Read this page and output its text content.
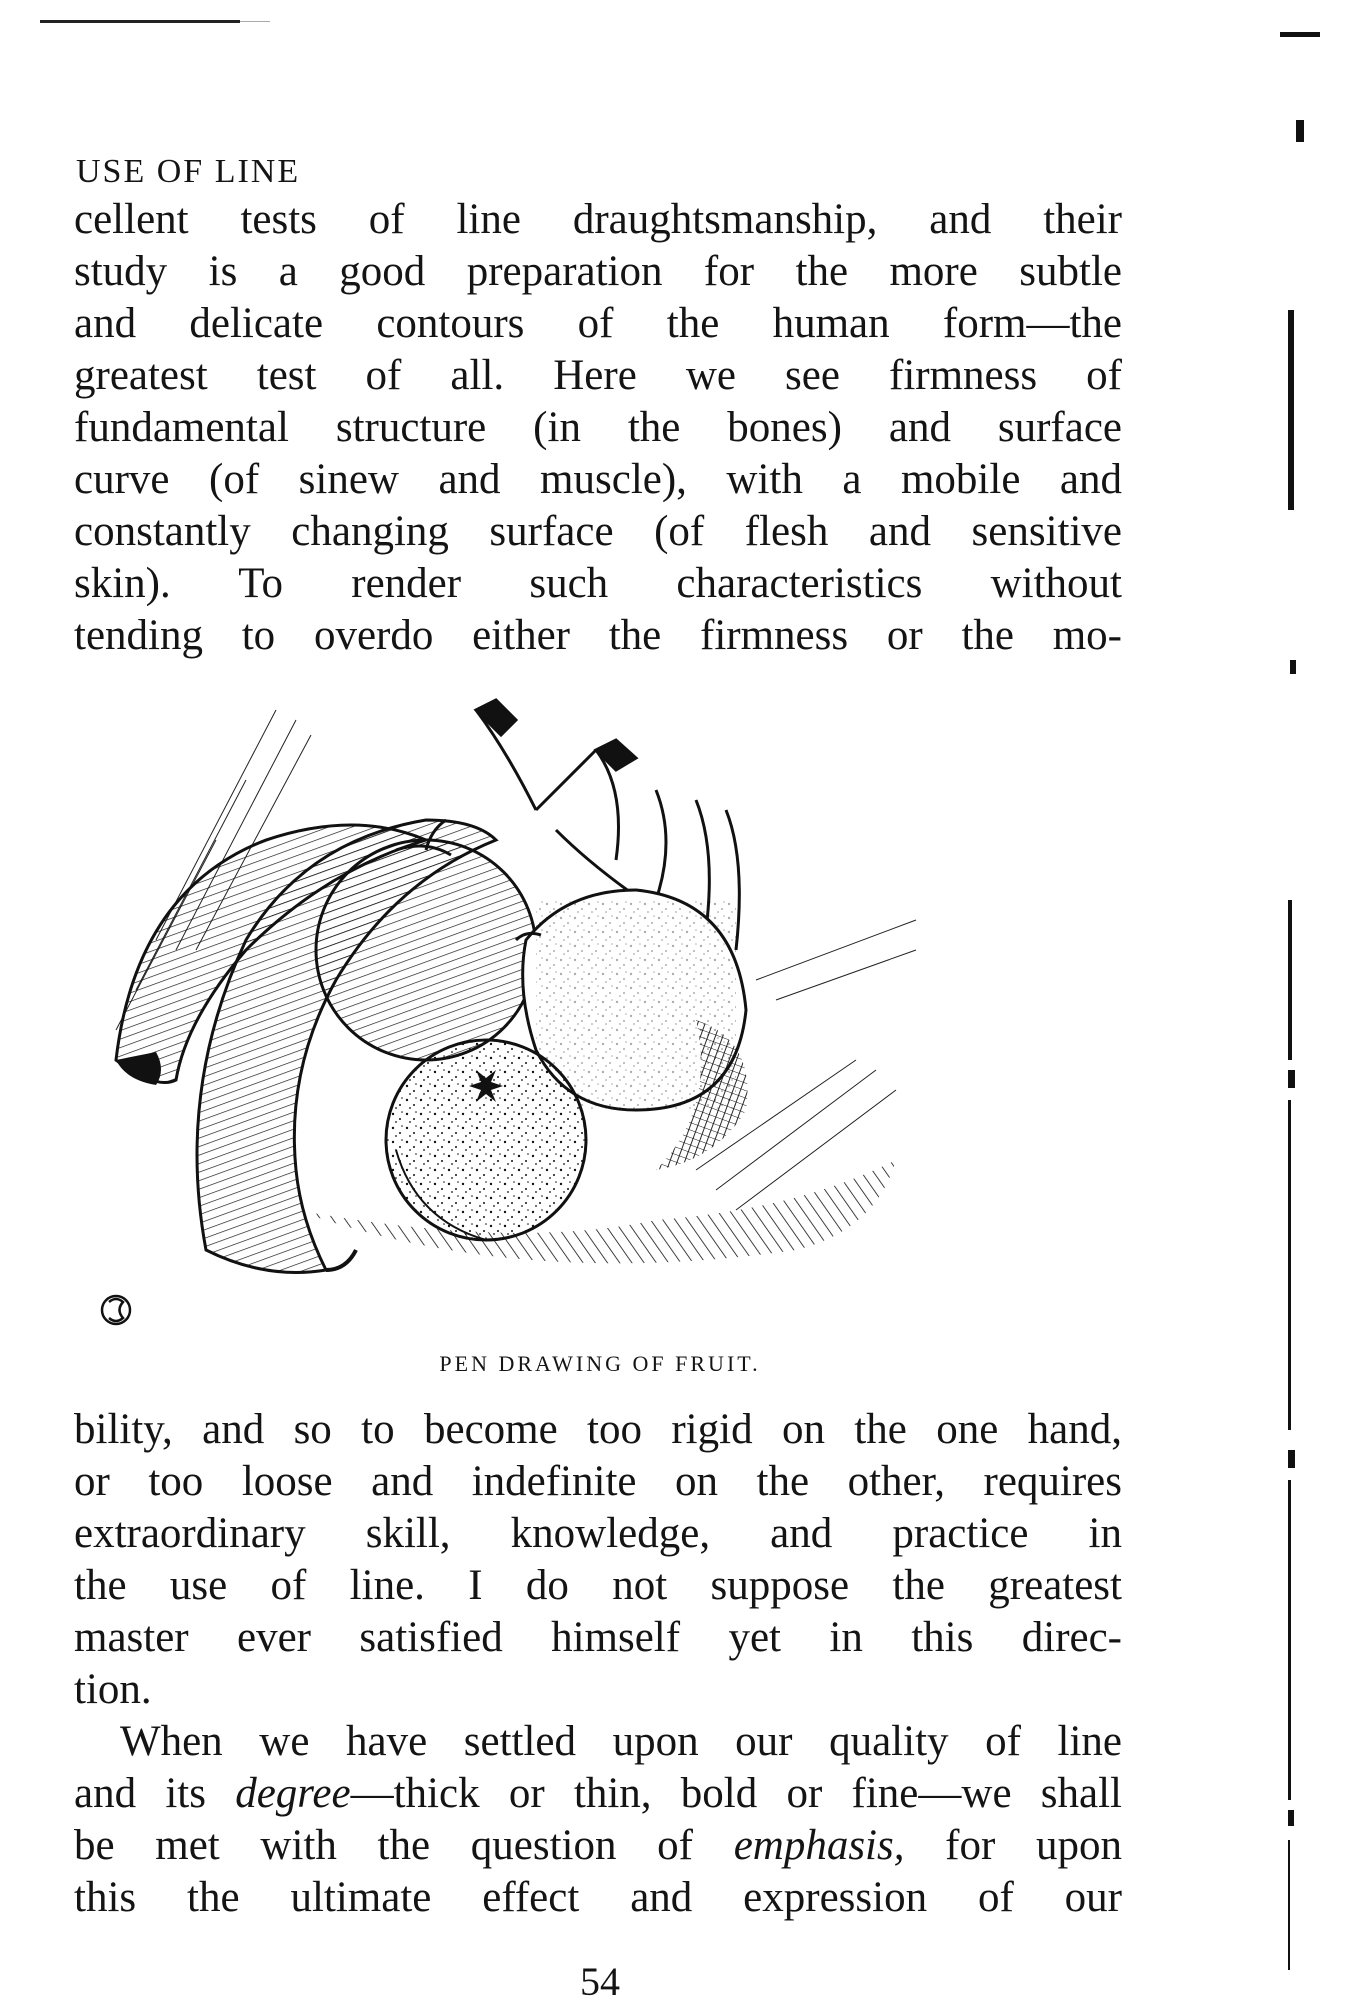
USE OF LINE
cellent tests of line draughtsmanship, and their
study is a good preparation for the more subtle
and delicate contours of the human form—the
greatest test of all. Here we see firmness of
fundamental structure (in the bones) and surface
curve (of sinew and muscle), with a mobile and
constantly changing surface (of flesh and sensitive
skin). To render such characteristics without
tending to overdo either the firmness or the mo-
PEN DRAWING OF FRUIT.
bility, and so to become too rigid on the one hand,
or too loose and indefinite on the other, requires
extraordinary skill, knowledge, and practice in
the use of line. I do not suppose the greatest
master ever satisfied himself yet in this direc-
tion.
When we have settled upon our quality of line
and its degree—thick or thin, bold or fine—we shall
be met with the question of emphasis, for upon
this the ultimate effect and expression of our
54
